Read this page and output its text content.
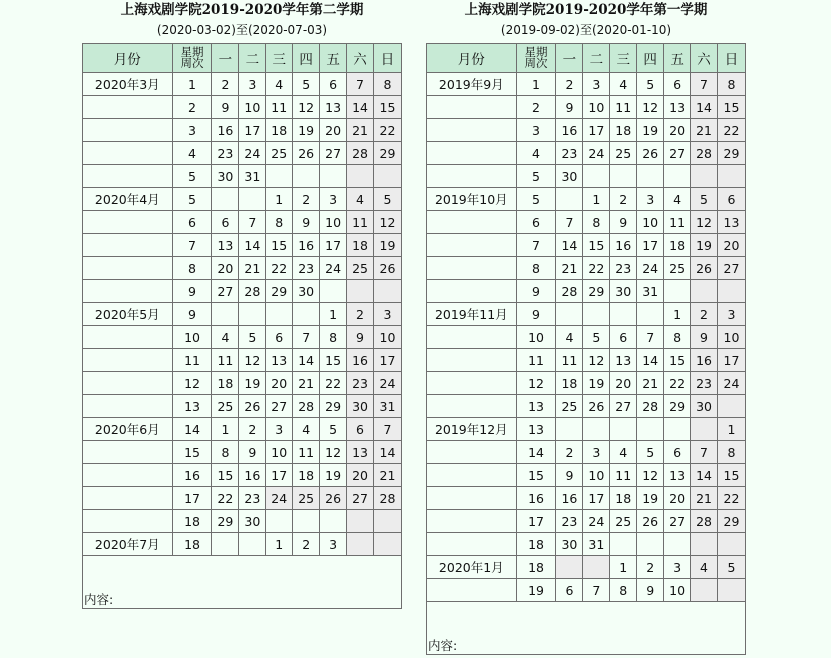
上海戏剧学院2019-2020学年第二学期
(2020-03-02)至(2020-07-03)
月份	星期
周次	一	二	三	四	五	六	日
2020年3月	1	2	3	4	5	6	7	8
	2	9	10	11	12	13	14	15
	3	16	17	18	19	20	21	22
	4	23	24	25	26	27	28	29
	5	30	31					
2020年4月	5			1	2	3	4	5
	6	6	7	8	9	10	11	12
	7	13	14	15	16	17	18	19
	8	20	21	22	23	24	25	26
	9	27	28	29	30			
2020年5月	9					1	2	3
	10	4	5	6	7	8	9	10
	11	11	12	13	14	15	16	17
	12	18	19	20	21	22	23	24
	13	25	26	27	28	29	30	31
2020年6月	14	1	2	3	4	5	6	7
	15	8	9	10	11	12	13	14
	16	15	16	17	18	19	20	21
	17	22	23	24	25	26	27	28
	18	29	30					
2020年7月	18			1	2	3		
内容:								
上海戏剧学院2019-2020学年第一学期
(2019-09-02)至(2020-01-10)
月份	星期
周次	一	二	三	四	五	六	日
2019年9月	1	2	3	4	5	6	7	8
	2	9	10	11	12	13	14	15
	3	16	17	18	19	20	21	22
	4	23	24	25	26	27	28	29
	5	30						
2019年10月	5		1	2	3	4	5	6
	6	7	8	9	10	11	12	13
	7	14	15	16	17	18	19	20
	8	21	22	23	24	25	26	27
	9	28	29	30	31			
2019年11月	9					1	2	3
	10	4	5	6	7	8	9	10
	11	11	12	13	14	15	16	17
	12	18	19	20	21	22	23	24
	13	25	26	27	28	29	30	
2019年12月	13							1
	14	2	3	4	5	6	7	8
	15	9	10	11	12	13	14	15
	16	16	17	18	19	20	21	22
	17	23	24	25	26	27	28	29
	18	30	31					
2020年1月	18			1	2	3	4	5
	19	6	7	8	9	10		
内容:								
